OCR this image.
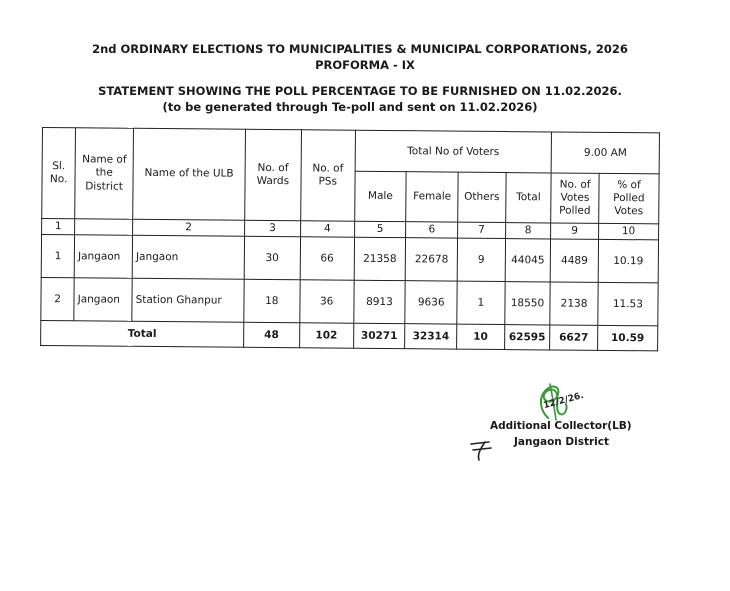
2nd ORDINARY ELECTIONS TO MUNICIPALITIES & MUNICIPAL CORPORATIONS, 2026
PROFORMA - IX
STATEMENT SHOWING THE POLL PERCENTAGE TO BE FURNISHED ON 11.02.2026.
(to be generated through Te-poll and sent on 11.02.2026)
Sl. No.	Name of the District	Name of the ULB	No. of Wards	No. of PSs	Total No of Voters				9.00 AM	
					Male	Female	Others	Total	No. of Votes Polled	% of Polled Votes
1		2	3	4	5	6	7	8	9	10
1	Jangaon	Jangaon	30	66	21358	22678	9	44045	4489	10.19
2	Jangaon	Station Ghanpur	18	36	8913	9636	1	18550	2138	11.53
Total			48	102	30271	32314	10	62595	6627	10.59
12/2/26.
Additional Collector(LB)
Jangaon District
